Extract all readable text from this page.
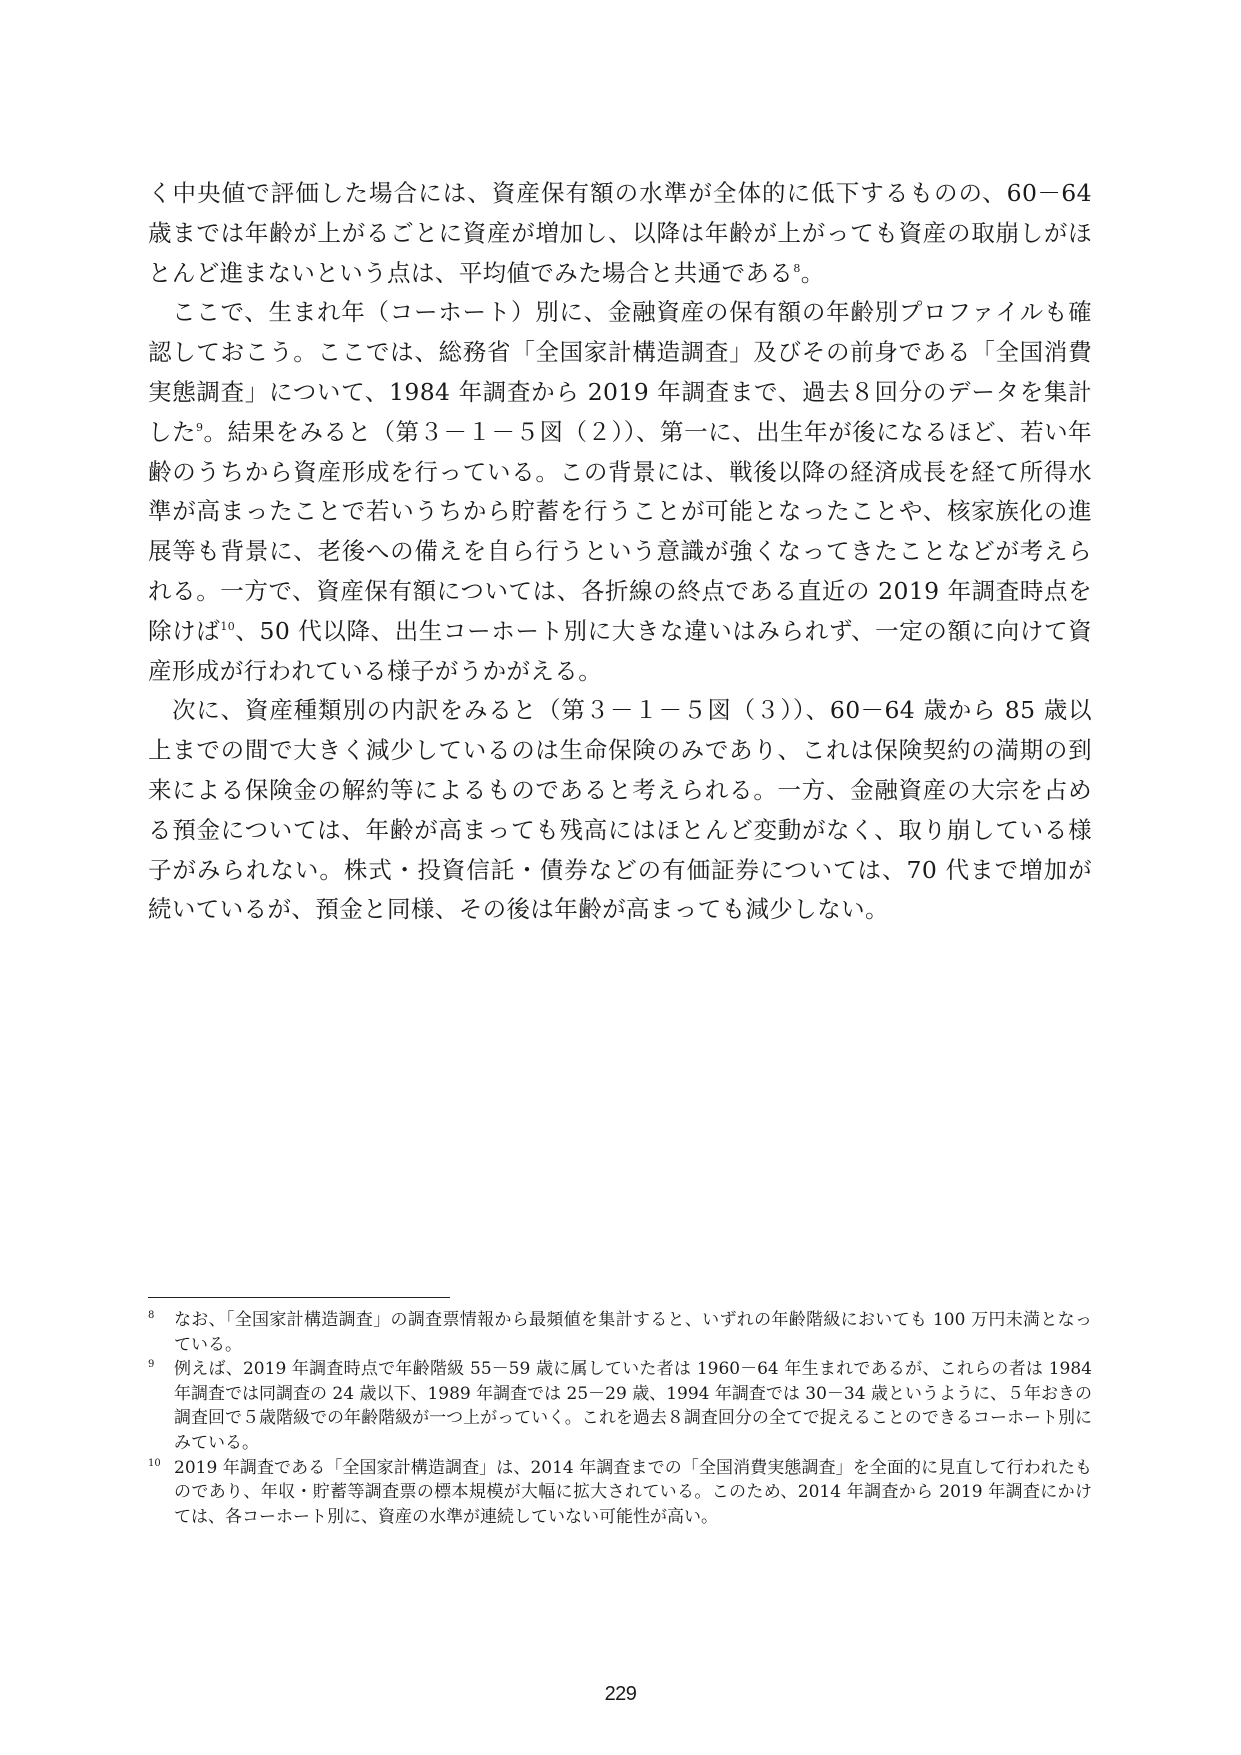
く中央値で評価した場合には、資産保有額の水準が全体的に低下するものの、60－64歳までは年齢が上がるごとに資産が増加し、以降は年齢が上がっても資産の取崩しがほとんど進まないという点は、平均値でみた場合と共通である$^8$。

ここで、生まれ年（コーホート）別に、金融資産の保有額の年齢別プロファイルも確認しておこう。ここでは、総務省「全国家計構造調査」及びその前身である「全国消費実態調査」について、1984 年調査から 2019 年調査まで、過去８回分のデータを集計した$^9$。結果をみると（第３－１－５図（２））、第一に、出生年が後になるほど、若い年齢のうちから資産形成を行っている。この背景には、戦後以降の経済成長を経て所得水準が高まったことで若いうちから貯蓄を行うことが可能となったことや、核家族化の進展等も背景に、老後への備えを自ら行うという意識が強くなってきたことなどが考えられる。一方で、資産保有額については、各折線の終点である直近の 2019 年調査時点を除けば$^{10}$、50 代以降、出生コーホート別に大きな違いはみられず、一定の額に向けて資産形成が行われている様子がうかがえる。

次に、資産種類別の内訳をみると（第３－１－５図（３））、60－64 歳から 85 歳以上までの間で大きく減少しているのは生命保険のみであり、これは保険契約の満期の到来による保険金の解約等によるものであると考えられる。一方、金融資産の大宗を占める預金については、年齢が高まっても残高にはほとんど変動がなく、取り崩している様子がみられない。株式・投資信託・債券などの有価証券については、70 代まで増加が続いているが、預金と同様、その後は年齢が高まっても減少しない。

8 なお、「全国家計構造調査」の調査票情報から最頻値を集計すると、いずれの年齢階級においても 100 万円未満となっている。

9 例えば、2019 年調査時点で年齢階級 55－59 歳に属していた者は 1960－64 年生まれであるが、これらの者は 1984 年調査では同調査の 24 歳以下、1989 年調査では 25－29 歳、1994 年調査では 30－34 歳というように、５年おきの調査回で５歳階級での年齢階級が一つ上がっていく。これを過去８調査回分の全てで捉えることのできるコーホート別にみている。

10 2019 年調査である「全国家計構造調査」は、2014 年調査までの「全国消費実態調査」を全面的に見直して行われたものであり、年収・貯蓄等調査票の標本規模が大幅に拡大されている。このため、2014 年調査から 2019 年調査にかけては、各コーホート別に、資産の水準が連続していない可能性が高い。

229
